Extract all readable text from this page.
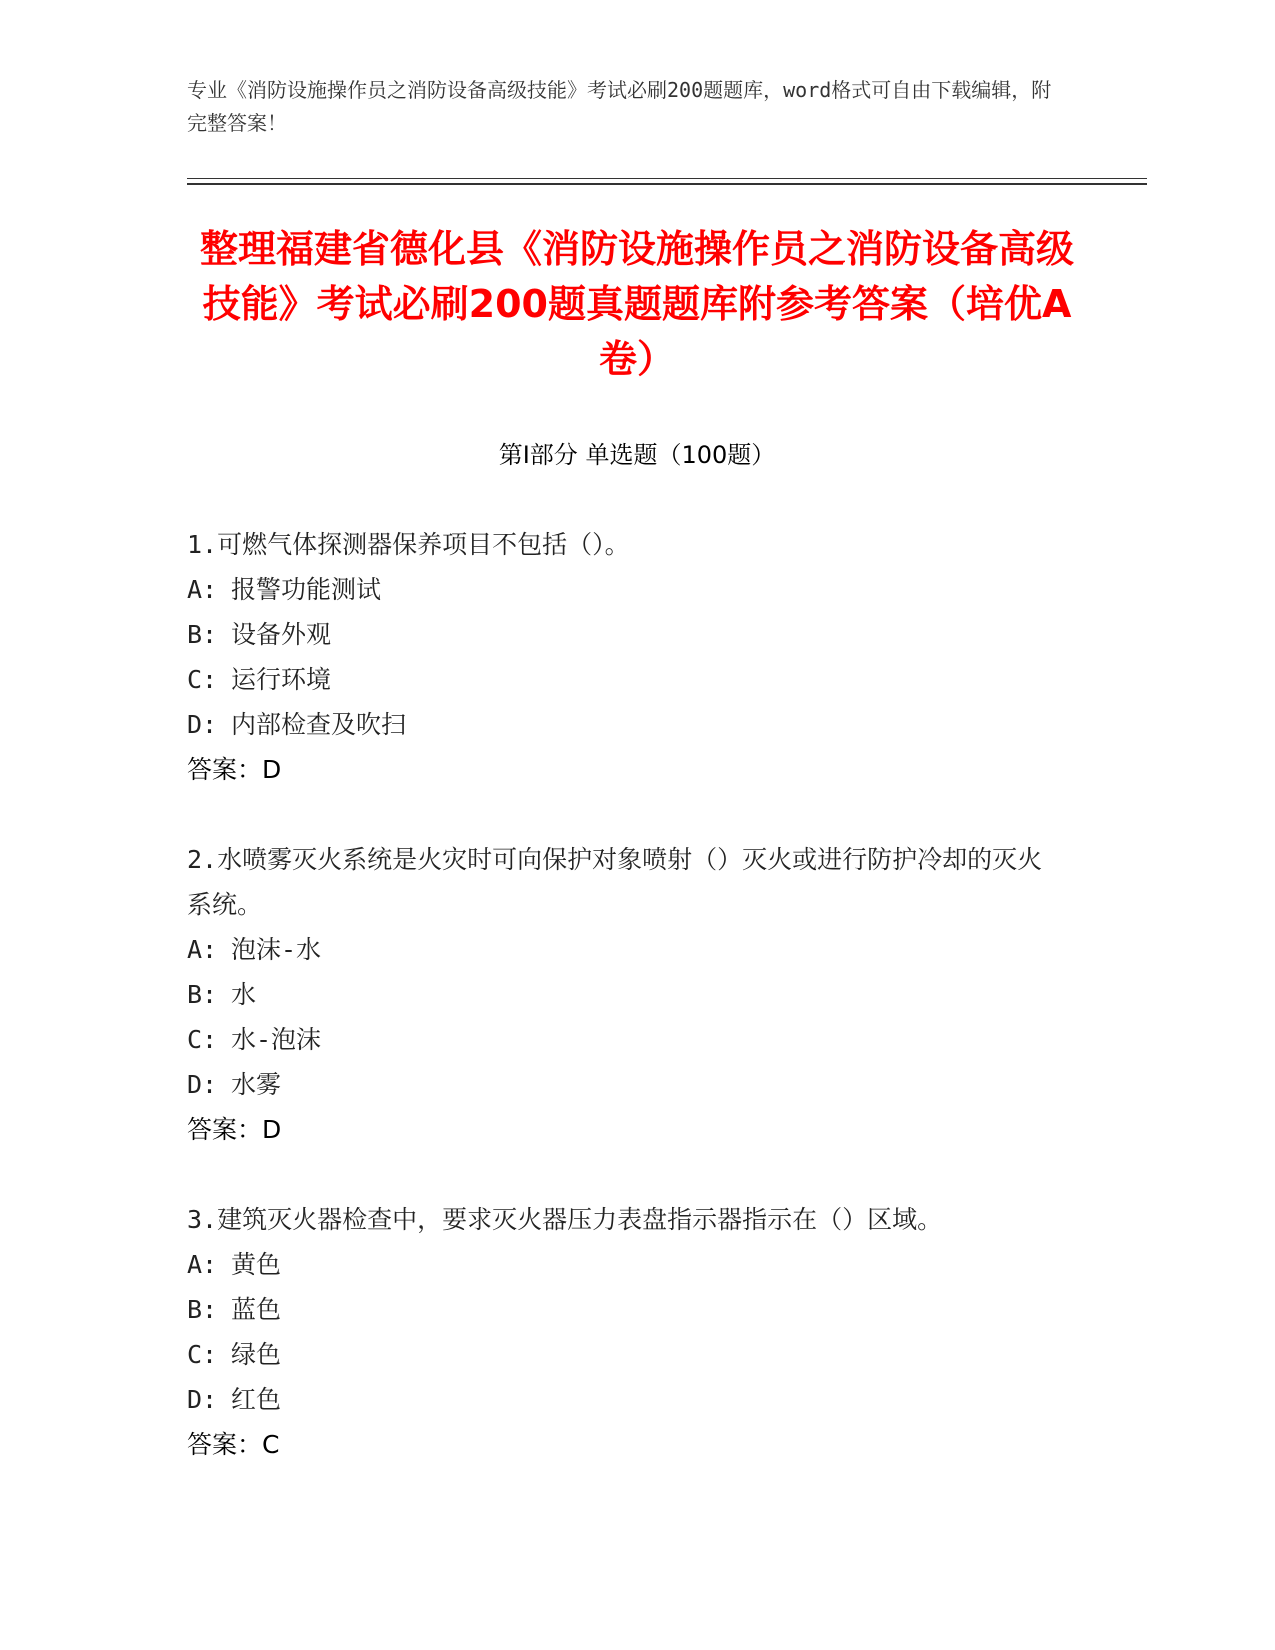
专业《消防设施操作员之消防设备高级技能》考试必刷200题题库，word格式可自由下载编辑，附完整答案！
整理福建省德化县《消防设施操作员之消防设备高级技能》考试必刷200题真题题库附参考答案（培优A卷）
第Ⅰ部分 单选题（100题）

1.可燃气体探测器保养项目不包括（）。

A: 报警功能测试

B: 设备外观

C: 运行环境

D: 内部检查及吹扫

答案：D

2.水喷雾灭火系统是火灾时可向保护对象喷射（）灭火或进行防护冷却的灭火系统。

A: 泡沫-水

B: 水

C: 水-泡沫

D: 水雾

答案：D

3.建筑灭火器检查中，要求灭火器压力表盘指示器指示在（）区域。

A: 黄色

B: 蓝色

C: 绿色

D: 红色

答案：C
